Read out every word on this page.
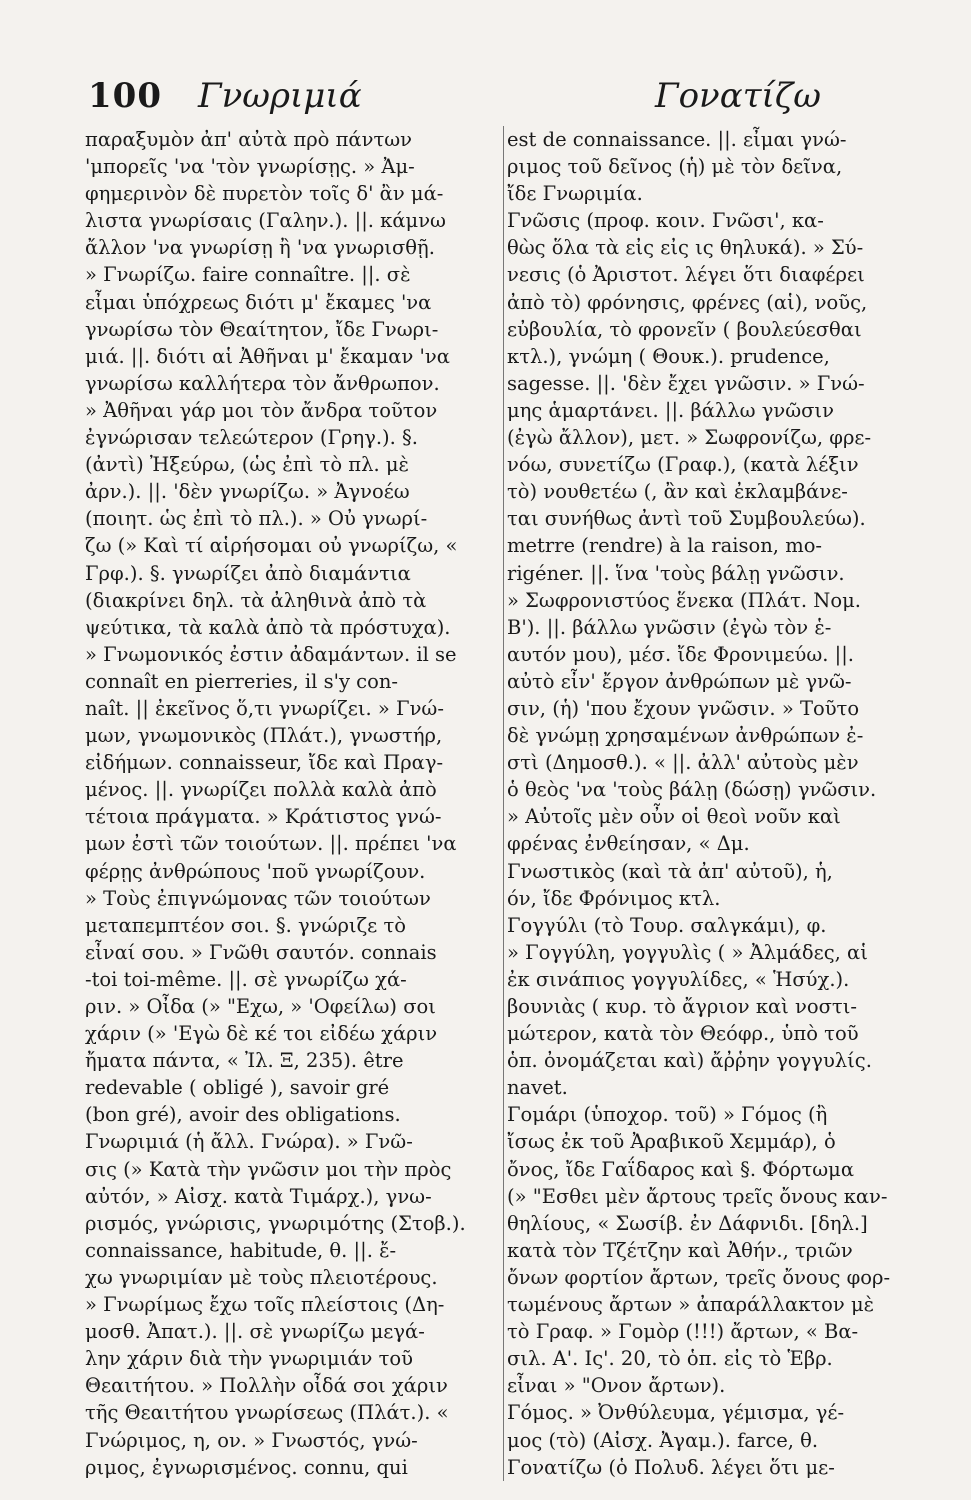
100 Γνωριμιά	Γονατίζω
παραξυμὸν ἀπ' αὐτὰ πρὸ πάντων
'μπορεῖς 'να 'τὸν γνωρίσῃς. » Ἀμ-
φημερινὸν δὲ πυρετὸν τοῖς δ' ἂν μά-
λιστα γνωρίσαις (Γαλην.). ||. κάμνω
ἄλλον 'να γνωρίσῃ ἢ 'να γνωρισθῇ.
» Γνωρίζω. faire connaître. ||. σὲ
εἶμαι ὑπόχρεως διότι μ' ἔκαμες 'να
γνωρίσω τὸν Θεαίτητον, ἴδε Γνωρι-
μιά. ||. διότι αἱ Ἀθῆναι μ' ἔκαμαν 'να
γνωρίσω καλλήτερα τὸν ἄνθρωπον.
» Ἀθῆναι γάρ μοι τὸν ἄνδρα τοῦτον
ἐγνώρισαν τελεώτερον (Γρηγ.). §.
(ἀντὶ) Ἠξεύρω, (ὡς ἐπὶ τὸ πλ. μὲ
ἀρν.). ||. 'δὲν γνωρίζω. » Ἀγνοέω
(ποιητ. ὡς ἐπὶ τὸ πλ.). » Οὐ γνωρί-
ζω (» Καὶ τί αἱρήσομαι οὐ γνωρίζω, «
Γρφ.). §. γνωρίζει ἀπὸ διαμάντια
(διακρίνει δηλ. τὰ ἀληθινὰ ἀπὸ τὰ
ψεύτικα, τὰ καλὰ ἀπὸ τὰ πρόστυχα).
» Γνωμονικός ἐστιν ἀδαμάντων. il se
connaît en pierreries, il s'y con-
naît. || ἐκεῖνος ὅ,τι γνωρίζει. » Γνώ-
μων, γνωμονικὸς (Πλάτ.), γνωστήρ,
εἰδήμων. connaisseur, ἴδε καὶ Πραγ-
μένος. ||. γνωρίζει πολλὰ καλὰ ἀπὸ
τέτοια πράγματα. » Κράτιστος γνώ-
μων ἐστὶ τῶν τοιούτων. ||. πρέπει 'να
φέρῃς ἀνθρώπους 'ποῦ γνωρίζουν.
» Τοὺς ἐπιγνώμονας τῶν τοιούτων
μεταπεμπτέον σοι. §. γνώριζε τὸ
εἶναί σου. » Γνῶθι σαυτόν. connais
-toi toi-même. ||. σὲ γνωρίζω χά-
ριν. » Οἶδα (» "Εχω, » 'Οφείλω) σοι
χάριν (» 'Εγὼ δὲ κέ τοι εἰδέω χάριν
ἤματα πάντα, « Ἰλ. Ξ, 235). être
redevable ( obligé ), savoir gré
(bon gré), avoir des obligations.
Γνωριμιά (ἡ ἄλλ. Γνώρα). » Γνῶ-
σις (» Κατὰ τὴν γνῶσιν μοι τὴν πρὸς
αὐτόν, » Αἰσχ. κατὰ Τιμάρχ.), γνω-
ρισμός, γνώρισις, γνωριμότης (Στοβ.).
connaissance, habitude, θ. ||. ἔ-
χω γνωριμίαν μὲ τοὺς πλειοτέρους.
» Γνωρίμως ἔχω τοῖς πλείστοις (Δη-
μοσθ. Ἀπατ.). ||. σὲ γνωρίζω μεγά-
λην χάριν διὰ τὴν γνωριμιάν τοῦ
Θεαιτήτου. » Πολλὴν οἶδά σοι χάριν
τῆς Θεαιτήτου γνωρίσεως (Πλάτ.). «
Γνώριμος, η, ον. » Γνωστός, γνώ-
ριμος, ἐγνωρισμένος. connu, qui
est de connaissance. ||. εἶμαι γνώ-
ριμος τοῦ δεῖνος (ἡ) μὲ τὸν δεῖνα,
ἴδε Γνωριμία.
Γνῶσις (προφ. κοιν. Γνῶσι', κα-
θὼς ὅλα τὰ εἰς εἰς ις θηλυκά). » Σύ-
νεσις (ὁ Ἀριστοτ. λέγει ὅτι διαφέρει
ἀπὸ τὸ) φρόνησις, φρένες (αἱ), νοῦς,
εὐβουλία, τὸ φρονεῖν ( βουλεύεσθαι
κτλ.), γνώμη ( Θουκ.). prudence,
sagesse. ||. 'δὲν ἔχει γνῶσιν. » Γνώ-
μης ἁμαρτάνει. ||. βάλλω γνῶσιν
(ἐγὼ ἄλλον), μετ. » Σωφρονίζω, φρε-
νόω, συνετίζω (Γραφ.), (κατὰ λέξιν
τὸ) νουθετέω (, ἂν καὶ ἐκλαμβάνε-
ται συνήθως ἀντὶ τοῦ Συμβουλεύω).
metrre (rendre) à la raison, mo-
rigéner. ||. ἵνα 'τοὺς βάλῃ γνῶσιν.
» Σωφρονιστύος ἕνεκα (Πλάτ. Νομ.
Β'). ||. βάλλω γνῶσιν (ἐγὼ τὸν ἑ-
αυτόν μου), μέσ. ἴδε Φρονιμεύω. ||.
αὐτὸ εἶν' ἔργον ἀνθρώπων μὲ γνῶ-
σιν, (ἡ) 'που ἔχουν γνῶσιν. » Τοῦτο
δὲ γνώμῃ χρησαμένων ἀνθρώπων ἐ-
στὶ (Δημοσθ.). « ||. ἀλλ' αὐτοὺς μὲν
ὁ θεὸς 'να 'τοὺς βάλῃ (δώσῃ) γνῶσιν.
» Αὐτοῖς μὲν οὖν οἱ θεοὶ νοῦν καὶ
φρένας ἐνθείησαν, « Δμ.
Γνωστικὸς (καὶ τὰ ἀπ' αὐτοῦ), ἡ,
όν, ἴδε Φρόνιμος κτλ.
Γογγύλι (τὸ Τουρ. σαλγκάμι), φ.
» Γογγύλη, γογγυλὶς ( » Ἀλμάδες, αἱ
ἐκ σινάπιος γογγυλίδες, « Ἡσύχ.).
βουνιὰς ( κυρ. τὸ ἄγριον καὶ νοστι-
μώτερον, κατὰ τὸν Θεόφρ., ὑπὸ τοῦ
ὁπ. ὀνομάζεται καὶ) ἄῤῥην γογγυλίς.
navet.
Γομάρι (ὑποχορ. τοῦ) » Γόμος (ἢ
ἴσως ἐκ τοῦ Ἀραβικοῦ Χεμμάρ), ὁ
ὄνος, ἴδε Γαΐδαρος καὶ §. Φόρτωμα
(» "Εσθει μὲν ἄρτους τρεῖς ὄνους καν-
θηλίους, « Σωσίβ. ἐν Δάφνιδι. [δηλ.]
κατὰ τὸν Τζέτζην καὶ Ἀθήν., τριῶν
ὄνων φορτίον ἄρτων, τρεῖς ὄνους φορ-
τωμένους ἄρτων » ἀπαράλλακτον μὲ
τὸ Γραφ. » Γομὸρ (!!!) ἄρτων, « Βα-
σιλ. Α'. Ις'. 20, τὸ ὁπ. εἰς τὸ Ἑβρ.
εἶναι » "Ονον ἄρτων).
Γόμος. » Ὀνθύλευμα, γέμισμα, γέ-
μος (τὸ) (Αἰσχ. Ἀγαμ.). farce, θ.
Γονατίζω (ὁ Πολυδ. λέγει ὅτι με-
